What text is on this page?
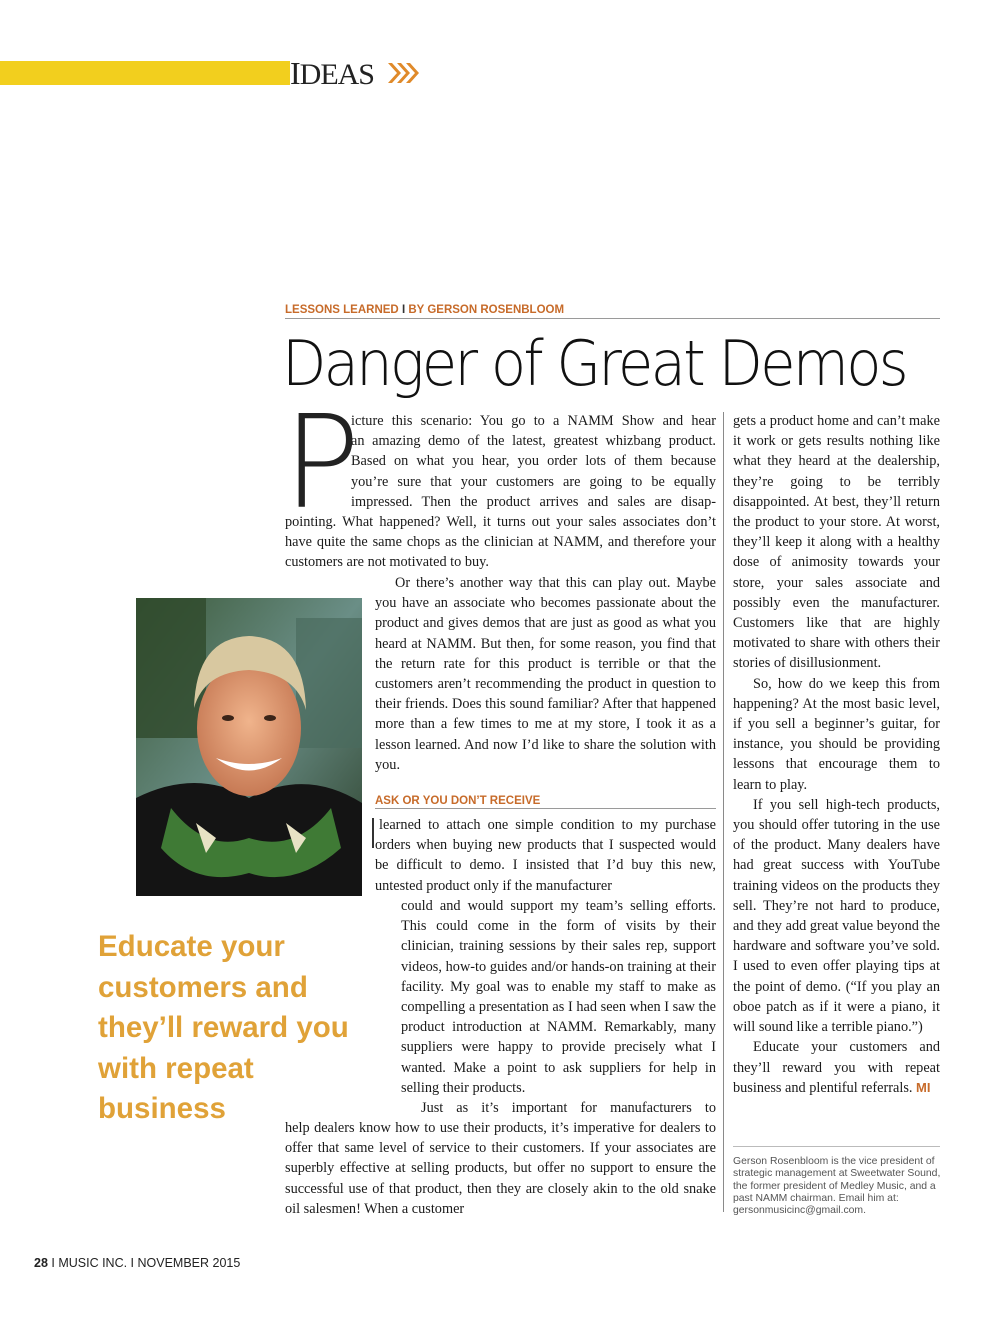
IDEAS
LESSONS LEARNED I BY GERSON ROSENBLOOM
Danger of Great Demos
P

icture this scenario: You go to a NAMM Show and hear

an amazing demo of the latest, greatest whizbang product.

Based on what you hear, you order lots of them because

you’re sure that your customers are going to be equally

impressed. Then the product arrives and sales are disap-

pointing. What happened? Well, it turns out your sales associates don’t have quite the same chops as the clinician at NAMM, and therefore your customers are not motivated to buy.

Or there’s another way that this can play out. Maybe you have an associate who becomes passionate about the product and gives demos that are just as good as what you heard at NAMM. But then, for some reason, you find that the return rate for this product is terrible or that the customers aren’t recommending the product in question to their friends. Does this sound familiar? After that happened more than a few times to me at my store, I took it as a lesson learned. And now I’d like to share the solution with you.

ASK OR YOU DON’T RECEIVE

learned to attach one simple condition to my purchase orders when buying new products that I suspected would be difficult to demo. I insisted that I’d buy this new, untested product only if the manufacturer

could and would support my team’s selling efforts. This could come in the form of visits by their clinician, training sessions by their sales rep, support videos, how-to guides and/or hands-on training at their facility. My goal was to enable my staff to make as compelling a presentation as I had seen when I saw the product introduction at NAMM. Remarkably, many suppliers were happy to provide precisely what I wanted. Make a point to ask suppliers for help in selling their products.

Just as it’s important for manufacturers to

help dealers know how to use their products, it’s imperative for dealers to offer that same level of service to their customers. If your associates are superbly effective at selling products, but offer no support to ensure the successful use of that product, then they are closely akin to the old snake oil salesmen! When a customer

Educate your customers and they’ll reward you with repeat business

gets a product home and can’t make it work or gets results nothing like what they heard at the dealership, they’re going to be terribly disappointed. At best, they’ll return the product to your store. At worst, they’ll keep it along with a healthy dose of animosity towards your store, your sales associate and possibly even the manufacturer. Customers like that are highly motivated to share with others their stories of disillusionment.

So, how do we keep this from happening? At the most basic level, if you sell a beginner’s guitar, for instance, you should be providing lessons that encourage them to learn to play.

If you sell high-tech products, you should offer tutoring in the use of the product. Many dealers have had great success with YouTube training videos on the products they sell. They’re not hard to produce, and they add great value beyond the hardware and software you’ve sold. I used to even offer playing tips at the point of demo. (“If you play an oboe patch as if it were a piano, it will sound like a terrible piano.”)

Educate your customers and they’ll reward you with repeat business and plentiful referrals. MI

Gerson Rosenbloom is the vice president of strategic management at Sweetwater Sound, the former president of Medley Music, and a past NAMM chairman. Email him at: gersonmusicinc@gmail.com.
28 I MUSIC INC. I NOVEMBER 2015
